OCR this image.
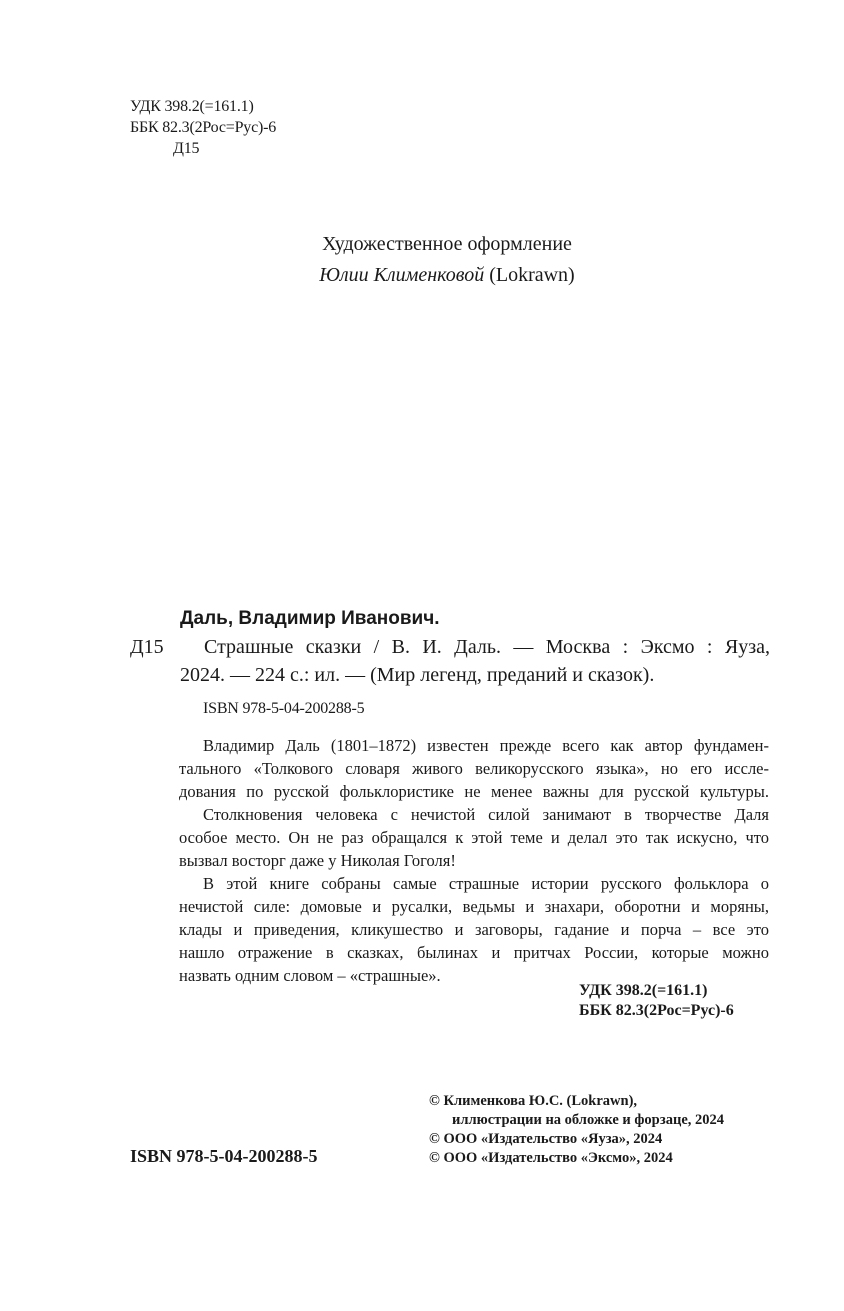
УДК 398.2(=161.1)
ББК 82.3(2Рос=Рус)-6
Д15
Художественное оформление
Юлии Клименковой (Lokrawn)
Даль, Владимир Иванович.
Д15 Страшные сказки / В. И. Даль. — Москва : Эксмо : Яуза,
2024. — 224 с.: ил. — (Мир легенд, преданий и сказок).
ISBN 978-5-04-200288-5
Владимир Даль (1801–1872) известен прежде всего как автор фундамен-
тального «Толкового словаря живого великорусского языка», но его иссле-
дования по русской фольклористике не менее важны для русской культуры.
Столкновения человека с нечистой силой занимают в творчестве Даля
особое место. Он не раз обращался к этой теме и делал это так искусно, что
вызвал восторг даже у Николая Гоголя!
В этой книге собраны самые страшные истории русского фольклора о
нечистой силе: домовые и русалки, ведьмы и знахари, оборотни и моряны,
клады и приведения, кликушество и заговоры, гадание и порча – все это
нашло отражение в сказках, былинах и притчах России, которые можно
назвать одним словом – «страшные».
УДК 398.2(=161.1)
ББК 82.3(2Рос=Рус)-6
© Клименкова Ю.С. (Lokrawn),
иллюстрации на обложке и форзаце, 2024
© ООО «Издательство «Яуза», 2024
© ООО «Издательство «Эксмо», 2024
ISBN 978-5-04-200288-5
